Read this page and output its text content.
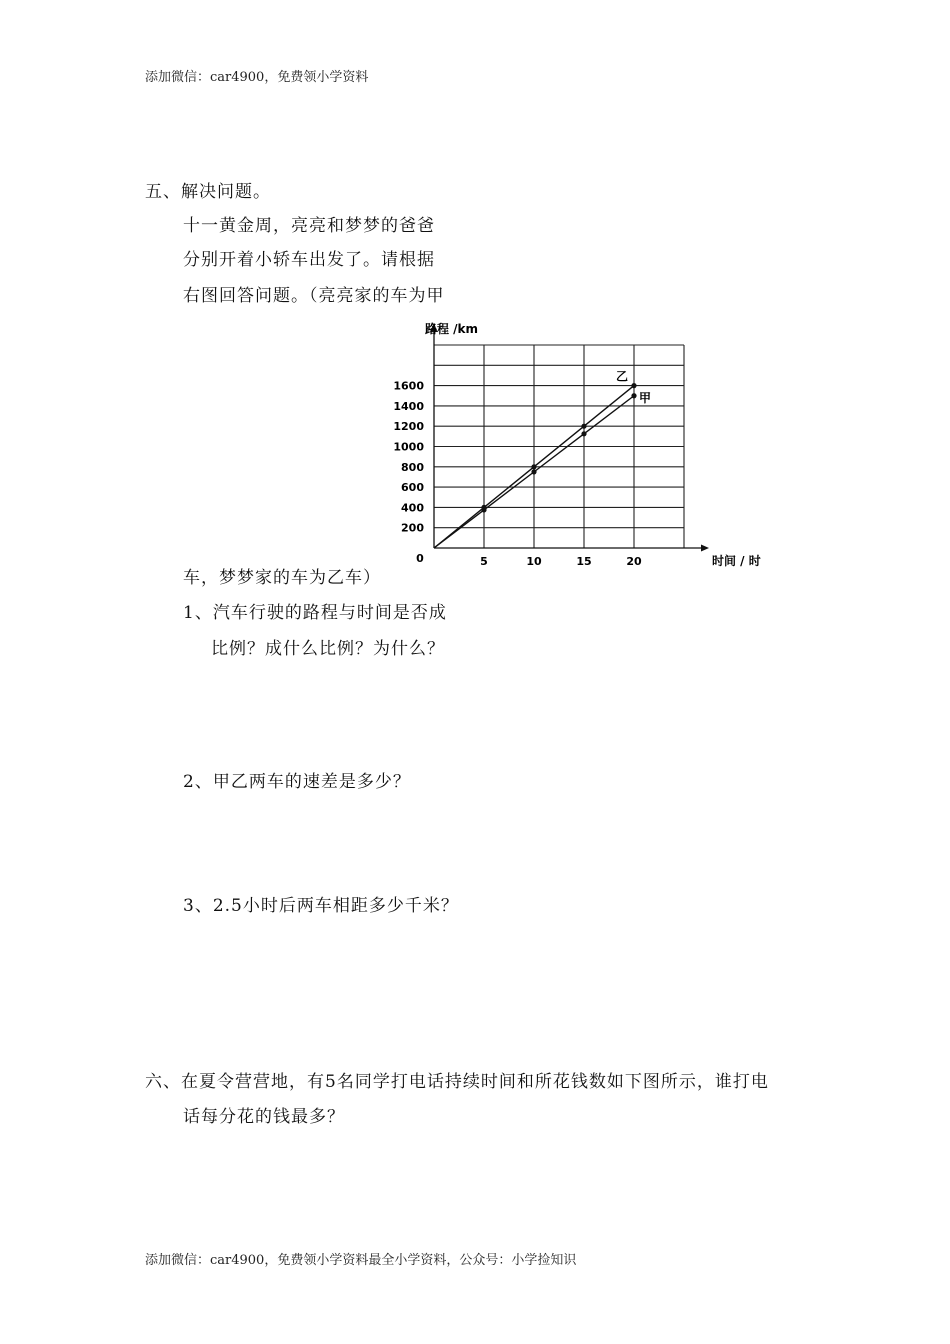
添加微信：car4900，免费领小学资料
五、解决问题。
十一黄金周，亮亮和梦梦的爸爸
分别开着小轿车出发了。请根据
右图回答问题。（亮亮家的车为甲
200
400
600
800
1000
1200
1400
1600
5	10	15	20
0
甲
乙
路程 /km
时间 / 时
车，梦梦家的车为乙车）
1、汽车行驶的路程与时间是否成
比例？成什么比例？为什么？
2、甲乙两车的速差是多少？
3、2.5小时后两车相距多少千米？
六、在夏令营营地，有5名同学打电话持续时间和所花钱数如下图所示，谁打电
话每分花的钱最多？
添加微信：car4900，免费领小学资料最全小学资料，公众号：小学捡知识
